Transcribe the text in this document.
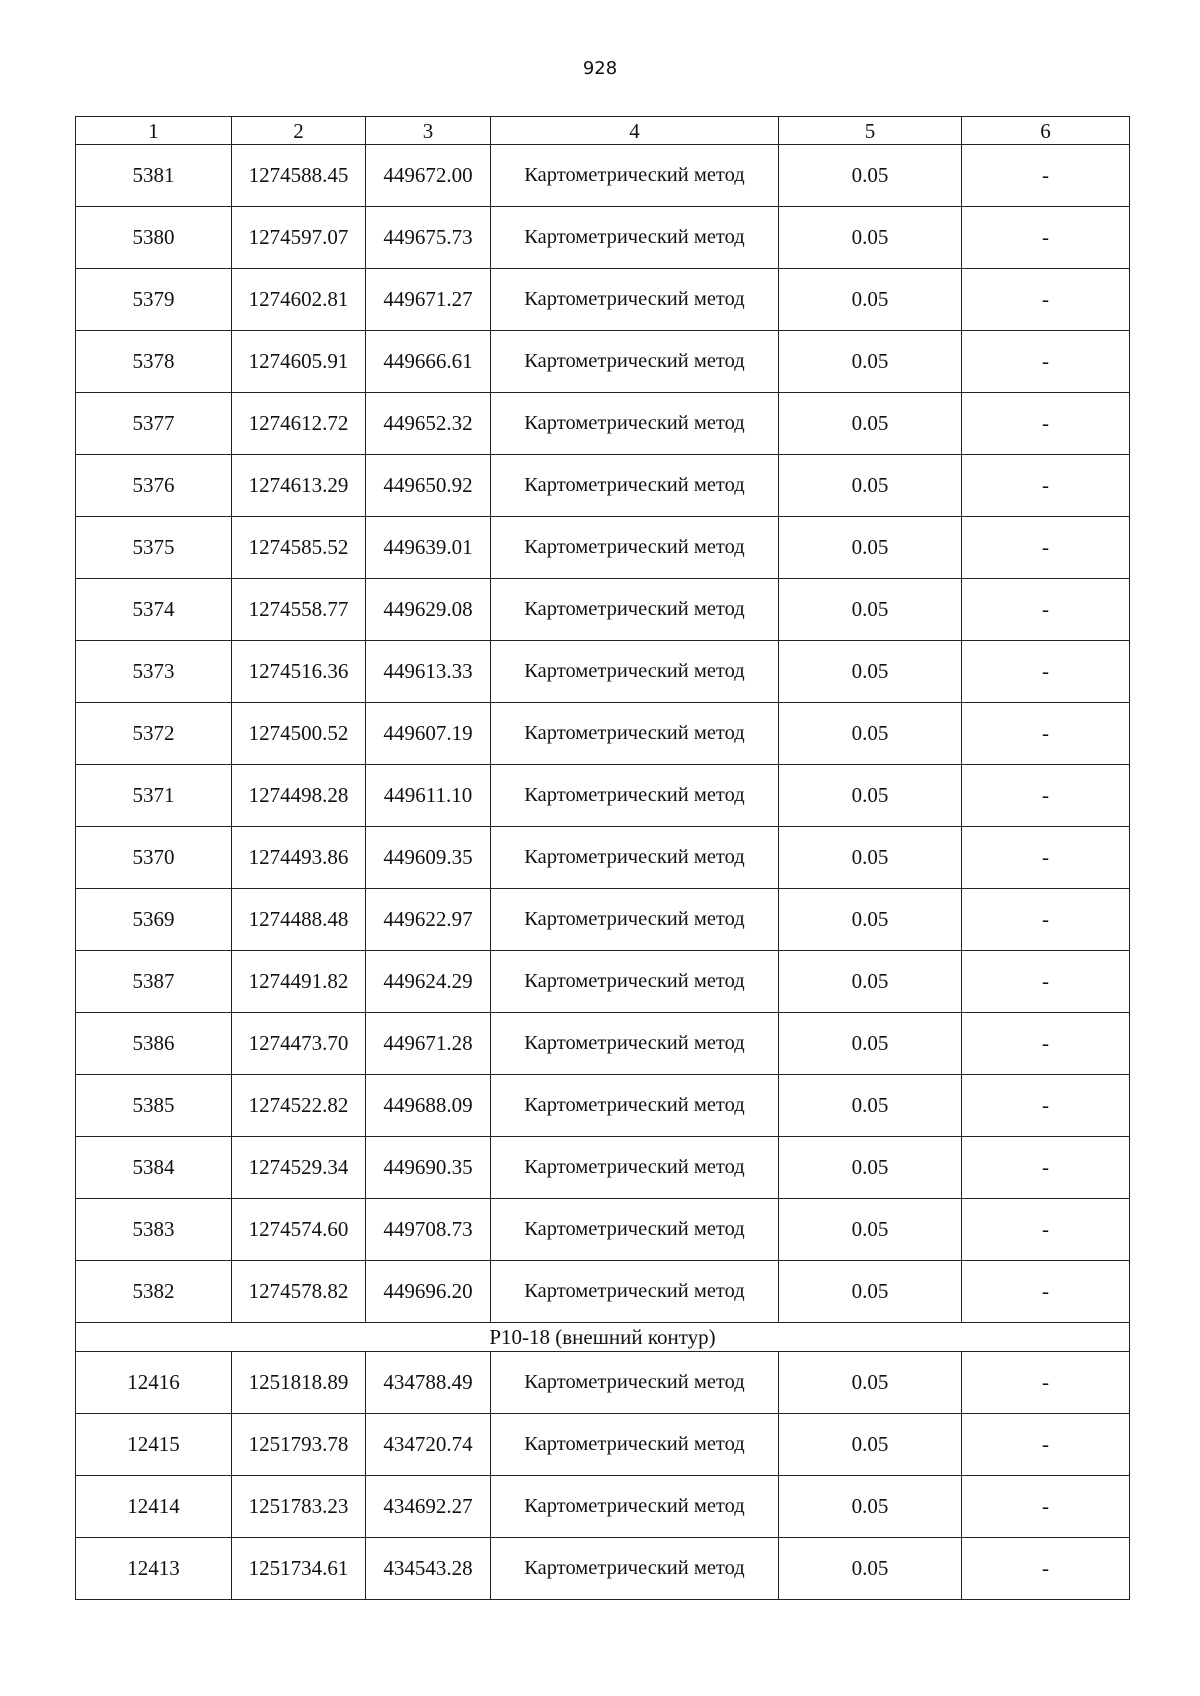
928
1	2	3	4	5	6
5381	1274588.45	449672.00	Картометрический метод	0.05	-
5380	1274597.07	449675.73	Картометрический метод	0.05	-
5379	1274602.81	449671.27	Картометрический метод	0.05	-
5378	1274605.91	449666.61	Картометрический метод	0.05	-
5377	1274612.72	449652.32	Картометрический метод	0.05	-
5376	1274613.29	449650.92	Картометрический метод	0.05	-
5375	1274585.52	449639.01	Картометрический метод	0.05	-
5374	1274558.77	449629.08	Картометрический метод	0.05	-
5373	1274516.36	449613.33	Картометрический метод	0.05	-
5372	1274500.52	449607.19	Картометрический метод	0.05	-
5371	1274498.28	449611.10	Картометрический метод	0.05	-
5370	1274493.86	449609.35	Картометрический метод	0.05	-
5369	1274488.48	449622.97	Картометрический метод	0.05	-
5387	1274491.82	449624.29	Картометрический метод	0.05	-
5386	1274473.70	449671.28	Картометрический метод	0.05	-
5385	1274522.82	449688.09	Картометрический метод	0.05	-
5384	1274529.34	449690.35	Картометрический метод	0.05	-
5383	1274574.60	449708.73	Картометрический метод	0.05	-
5382	1274578.82	449696.20	Картометрический метод	0.05	-
Р10-18 (внешний контур)					
12416	1251818.89	434788.49	Картометрический метод	0.05	-
12415	1251793.78	434720.74	Картометрический метод	0.05	-
12414	1251783.23	434692.27	Картометрический метод	0.05	-
12413	1251734.61	434543.28	Картометрический метод	0.05	-
